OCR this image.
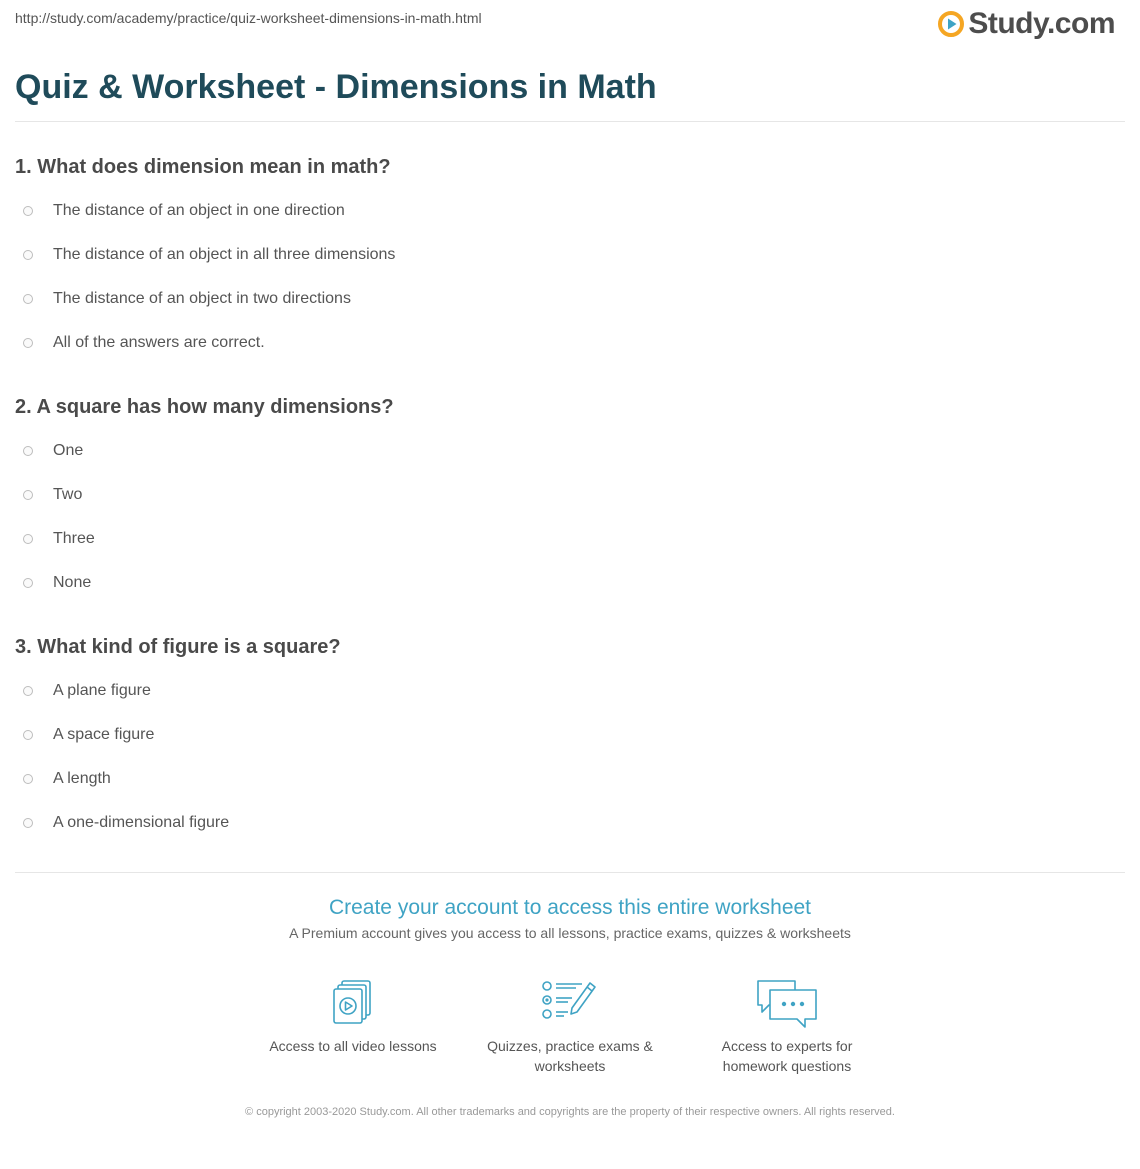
http://study.com/academy/practice/quiz-worksheet-dimensions-in-math.html	Study.com
Quiz & Worksheet - Dimensions in Math
1. What does dimension mean in math?
The distance of an object in one direction
The distance of an object in all three dimensions
The distance of an object in two directions
All of the answers are correct.
2. A square has how many dimensions?
One
Two
Three
None
3. What kind of figure is a square?
A plane figure
A space figure
A length
A one-dimensional figure
Create your account to access this entire worksheet

A Premium account gives you access to all lessons, practice exams, quizzes & worksheets

Access to all video lessons	Quizzes, practice exams & worksheets
Access to experts for homework questions
© copyright 2003-2020 Study.com. All other trademarks and copyrights are the property of their respective owners. All rights reserved.
